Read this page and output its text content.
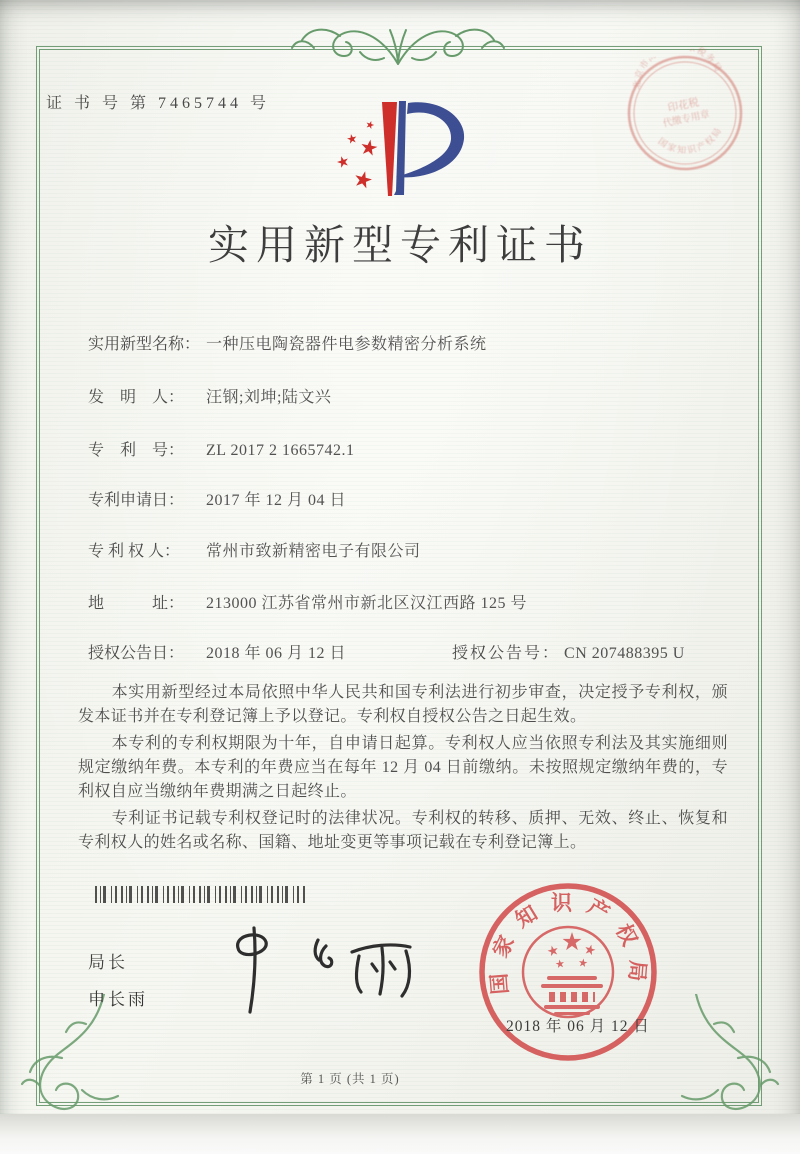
证 书 号 第 7465744 号
实用新型专利证书
实用新型名称： 一种压电陶瓷器件电参数精密分析系统
发　明　人： 汪钢;刘坤;陆文兴
专　利　号： ZL 2017 2 1665742.1
专利申请日： 2017 年 12 月 04 日
专 利 权 人： 常州市致新精密电子有限公司
地　　　址： 213000 江苏省常州市新北区汉江西路 125 号
授权公告日： 2018 年 06 月 12 日	授权公告号： CN 207488395 U

本实用新型经过本局依照中华人民共和国专利法进行初步审查，决定授予专利权，颁发本证书并在专利登记簿上予以登记。专利权自授权公告之日起生效。

本专利的专利权期限为十年，自申请日起算。专利权人应当依照专利法及其实施细则规定缴纳年费。本专利的年费应当在每年 12 月 04 日前缴纳。未按照规定缴纳年费的，专利权自应当缴纳年费期满之日起终止。

专利证书记载专利权登记时的法律状况。专利权的转移、质押、无效、终止、恢复和专利权人的姓名或名称、国籍、地址变更等事项记载在专利登记簿上。

局长
申长雨
国家知识产权局
2018 年 06 月 12 日
北京市海淀区国家税务局
国家知识产权局
印花税
代缴专用章
第 1 页 (共 1 页)
